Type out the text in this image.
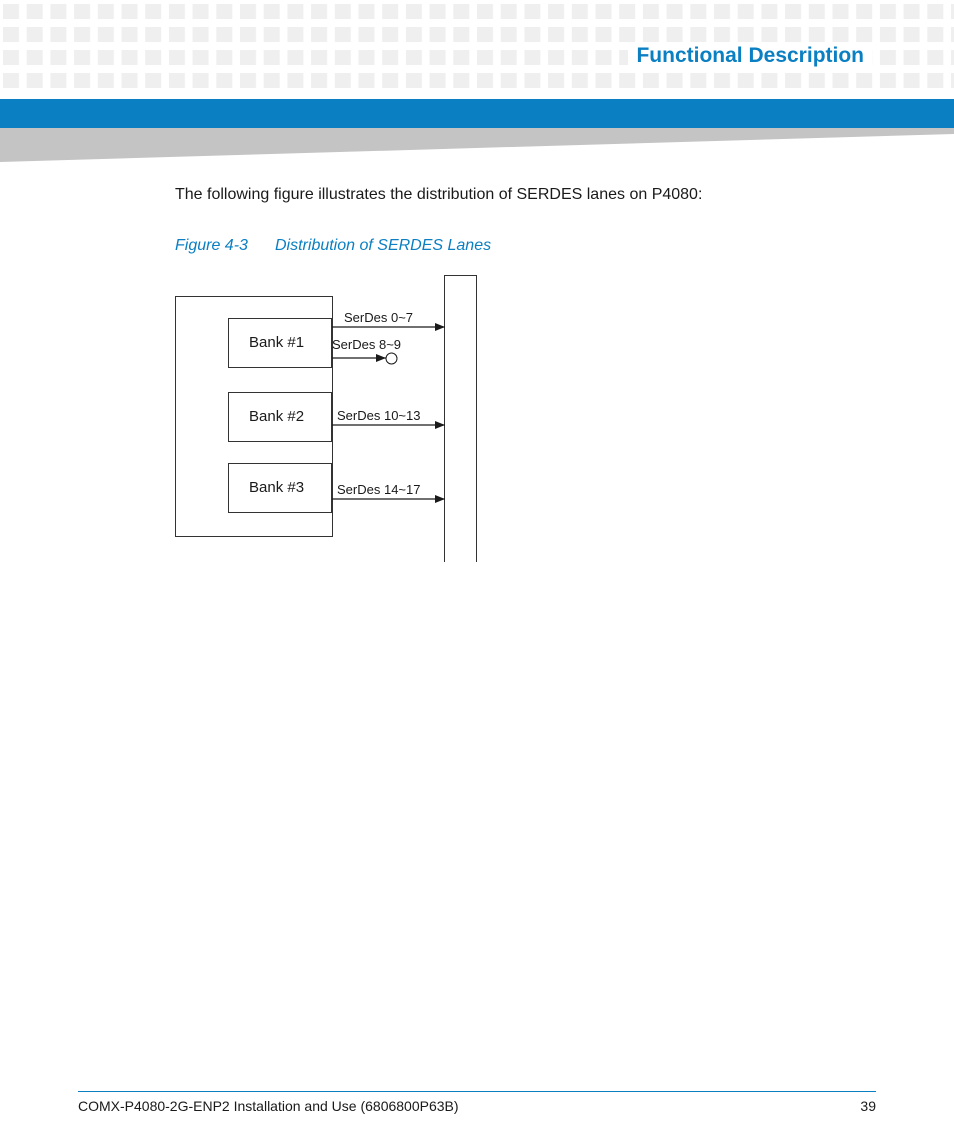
Functional Description

The following figure illustrates the distribution of SERDES lanes on P4080:

Figure 4-3	Distribution of SERDES Lanes
Bank #1
Bank #2
Bank #3
SerDes 0~7
SerDes 8~9
SerDes 10~13
SerDes 14~17
COMX-P4080-2G-ENP2 Installation and Use (6806800P63B)	39
